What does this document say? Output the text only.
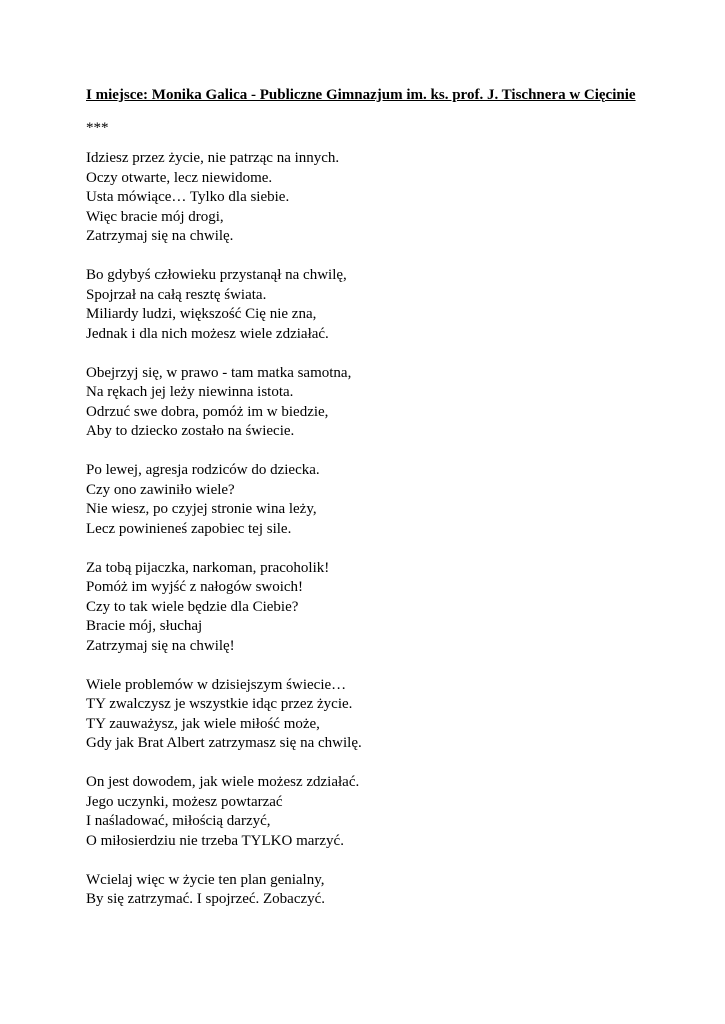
I miejsce: Monika Galica - Publiczne Gimnazjum im. ks. prof. J. Tischnera w Cięcinie

***

Idziesz przez życie, nie patrząc na innych.
Oczy otwarte, lecz niewidome.
Usta mówiące… Tylko dla siebie.
Więc bracie mój drogi,
Zatrzymaj się na chwilę.
Bo gdybyś człowieku przystanął na chwilę,
Spojrzał na całą resztę świata.
Miliardy ludzi, większość Cię nie zna,
Jednak i dla nich możesz wiele zdziałać.
Obejrzyj się, w prawo - tam matka samotna,
Na rękach jej leży niewinna istota.
Odrzuć swe dobra, pomóż im w biedzie,
Aby to dziecko zostało na świecie.
Po lewej, agresja rodziców do dziecka.
Czy ono zawiniło wiele?
Nie wiesz, po czyjej stronie wina leży,
Lecz powinieneś zapobiec tej sile.
Za tobą pijaczka, narkoman, pracoholik!
Pomóż im wyjść z nałogów swoich!
Czy to tak wiele będzie dla Ciebie?
Bracie mój, słuchaj
Zatrzymaj się na chwilę!
Wiele problemów w dzisiejszym świecie…
TY zwalczysz je wszystkie idąc przez życie.
TY zauważysz, jak wiele miłość może,
Gdy jak Brat Albert zatrzymasz się na chwilę.
On jest dowodem, jak wiele możesz zdziałać.
Jego uczynki, możesz powtarzać
I naśladować, miłością darzyć,
O miłosierdziu nie trzeba TYLKO marzyć.
Wcielaj więc w życie ten plan genialny,
By się zatrzymać. I spojrzeć. Zobaczyć.
